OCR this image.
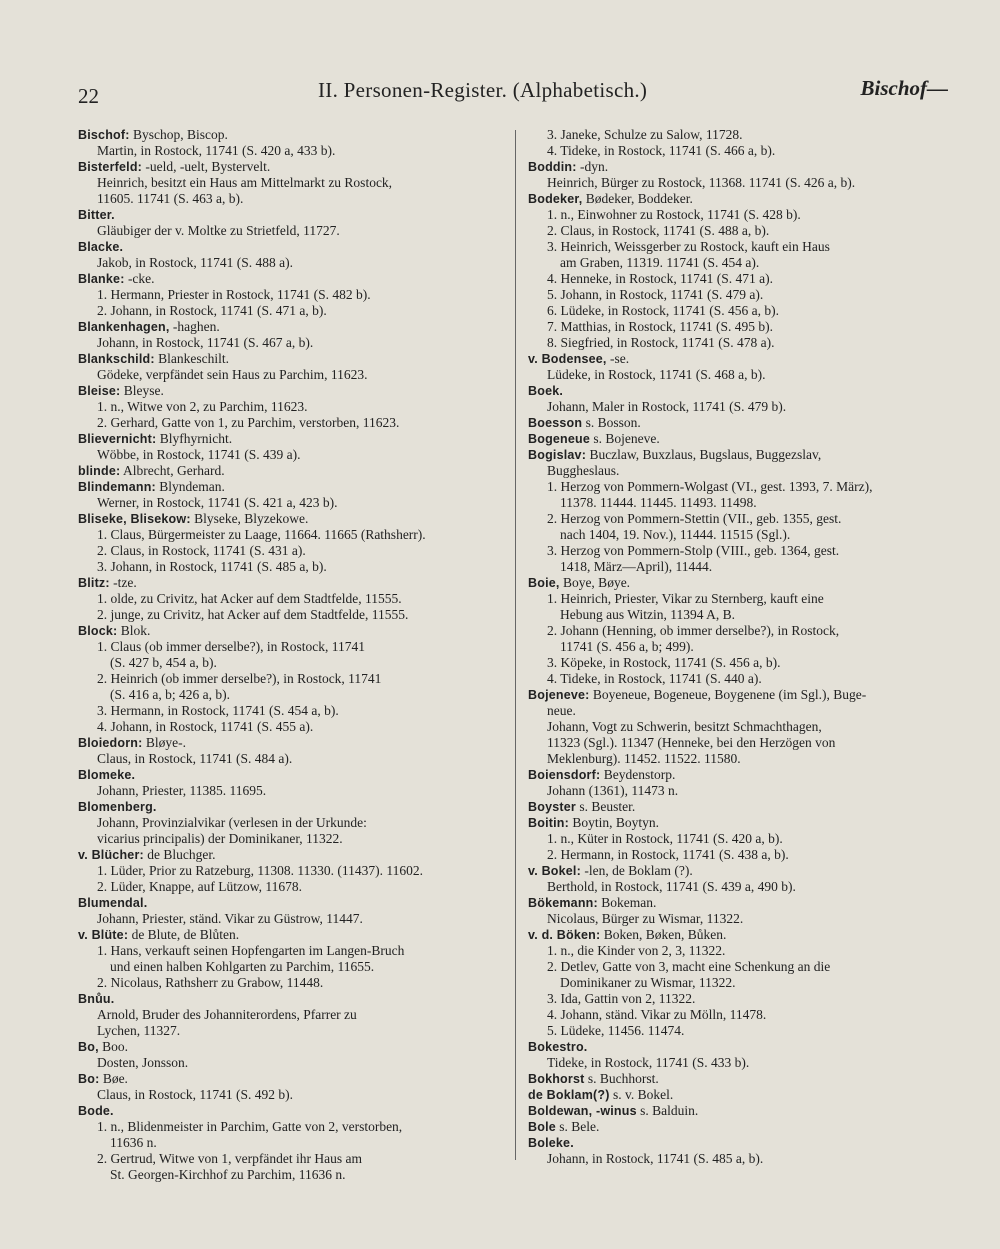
22	II. Personen-Register. (Alphabetisch.)	Bischof—
Bischof: Byschop, Biscop.
Martin, in Rostock, 11741 (S. 420 a, 433 b).
Bisterfeld: -ueld, -uelt, Bystervelt.
Heinrich, besitzt ein Haus am Mittelmarkt zu Rostock,
11605. 11741 (S. 463 a, b).
Bitter.
Gläubiger der v. Moltke zu Strietfeld, 11727.
Blacke.
Jakob, in Rostock, 11741 (S. 488 a).
Blanke: -cke.
1. Hermann, Priester in Rostock, 11741 (S. 482 b).
2. Johann, in Rostock, 11741 (S. 471 a, b).
Blankenhagen, -haghen.
Johann, in Rostock, 11741 (S. 467 a, b).
Blankschild: Blankeschilt.
Gödeke, verpfändet sein Haus zu Parchim, 11623.
Bleise: Bleyse.
1. n., Witwe von 2, zu Parchim, 11623.
2. Gerhard, Gatte von 1, zu Parchim, verstorben, 11623.
Blievernicht: Blyfhyrnicht.
Wöbbe, in Rostock, 11741 (S. 439 a).
blinde: Albrecht, Gerhard.
Blindemann: Blyndeman.
Werner, in Rostock, 11741 (S. 421 a, 423 b).
Bliseke, Blisekow: Blyseke, Blyzekowe.
1. Claus, Bürgermeister zu Laage, 11664. 11665 (Rathsherr).
2. Claus, in Rostock, 11741 (S. 431 a).
3. Johann, in Rostock, 11741 (S. 485 a, b).
Blitz: -tze.
1. olde, zu Crivitz, hat Acker auf dem Stadtfelde, 11555.
2. junge, zu Crivitz, hat Acker auf dem Stadtfelde, 11555.
Block: Blok.
1. Claus (ob immer derselbe?), in Rostock, 11741
(S. 427 b, 454 a, b).
2. Heinrich (ob immer derselbe?), in Rostock, 11741
(S. 416 a, b; 426 a, b).
3. Hermann, in Rostock, 11741 (S. 454 a, b).
4. Johann, in Rostock, 11741 (S. 455 a).
Bloiedorn: Bløye-.
Claus, in Rostock, 11741 (S. 484 a).
Blomeke.
Johann, Priester, 11385. 11695.
Blomenberg.
Johann, Provinzialvikar (verlesen in der Urkunde:
vicarius principalis) der Dominikaner, 11322.
v. Blücher: de Bluchger.
1. Lüder, Prior zu Ratzeburg, 11308. 11330. (11437). 11602.
2. Lüder, Knappe, auf Lützow, 11678.
Blumendal.
Johann, Priester, ständ. Vikar zu Güstrow, 11447.
v. Blüte: de Blute, de Blůten.
1. Hans, verkauft seinen Hopfengarten im Langen-Bruch
und einen halben Kohlgarten zu Parchim, 11655.
2. Nicolaus, Rathsherr zu Grabow, 11448.
Bnůu.
Arnold, Bruder des Johanniterordens, Pfarrer zu
Lychen, 11327.
Bo, Boo.
Dosten, Jonsson.
Bo: Bøe.
Claus, in Rostock, 11741 (S. 492 b).
Bode.
1. n., Blidenmeister in Parchim, Gatte von 2, verstorben,
11636 n.
2. Gertrud, Witwe von 1, verpfändet ihr Haus am
St. Georgen-Kirchhof zu Parchim, 11636 n.
3. Janeke, Schulze zu Salow, 11728.
4. Tideke, in Rostock, 11741 (S. 466 a, b).
Boddin: -dyn.
Heinrich, Bürger zu Rostock, 11368. 11741 (S. 426 a, b).
Bodeker, Bødeker, Boddeker.
1. n., Einwohner zu Rostock, 11741 (S. 428 b).
2. Claus, in Rostock, 11741 (S. 488 a, b).
3. Heinrich, Weissgerber zu Rostock, kauft ein Haus
am Graben, 11319. 11741 (S. 454 a).
4. Henneke, in Rostock, 11741 (S. 471 a).
5. Johann, in Rostock, 11741 (S. 479 a).
6. Lüdeke, in Rostock, 11741 (S. 456 a, b).
7. Matthias, in Rostock, 11741 (S. 495 b).
8. Siegfried, in Rostock, 11741 (S. 478 a).
v. Bodensee, -se.
Lüdeke, in Rostock, 11741 (S. 468 a, b).
Boek.
Johann, Maler in Rostock, 11741 (S. 479 b).
Boesson s. Bosson.
Bogeneue s. Bojeneve.
Bogislav: Buczlaw, Buxzlaus, Bugslaus, Buggezslav,
Buggheslaus.
1. Herzog von Pommern-Wolgast (VI., gest. 1393, 7. März),
11378. 11444. 11445. 11493. 11498.
2. Herzog von Pommern-Stettin (VII., geb. 1355, gest.
nach 1404, 19. Nov.), 11444. 11515 (Sgl.).
3. Herzog von Pommern-Stolp (VIII., geb. 1364, gest.
1418, März—April), 11444.
Boie, Boye, Bøye.
1. Heinrich, Priester, Vikar zu Sternberg, kauft eine
Hebung aus Witzin, 11394 A, B.
2. Johann (Henning, ob immer derselbe?), in Rostock,
11741 (S. 456 a, b; 499).
3. Köpeke, in Rostock, 11741 (S. 456 a, b).
4. Tideke, in Rostock, 11741 (S. 440 a).
Bojeneve: Boyeneue, Bogeneue, Boygenene (im Sgl.), Buge-
neue.
Johann, Vogt zu Schwerin, besitzt Schmachthagen,
11323 (Sgl.). 11347 (Henneke, bei den Herzögen von
Meklenburg). 11452. 11522. 11580.
Boiensdorf: Beydenstorp.
Johann (1361), 11473 n.
Boyster s. Beuster.
Boitin: Boytin, Boytyn.
1. n., Küter in Rostock, 11741 (S. 420 a, b).
2. Hermann, in Rostock, 11741 (S. 438 a, b).
v. Bokel: -len, de Boklam (?).
Berthold, in Rostock, 11741 (S. 439 a, 490 b).
Bökemann: Bokeman.
Nicolaus, Bürger zu Wismar, 11322.
v. d. Böken: Boken, Bøken, Bůken.
1. n., die Kinder von 2, 3, 11322.
2. Detlev, Gatte von 3, macht eine Schenkung an die
Dominikaner zu Wismar, 11322.
3. Ida, Gattin von 2, 11322.
4. Johann, ständ. Vikar zu Mölln, 11478.
5. Lüdeke, 11456. 11474.
Bokestro.
Tideke, in Rostock, 11741 (S. 433 b).
Bokhorst s. Buchhorst.
de Boklam(?) s. v. Bokel.
Boldewan, -winus s. Balduin.
Bole s. Bele.
Boleke.
Johann, in Rostock, 11741 (S. 485 a, b).
